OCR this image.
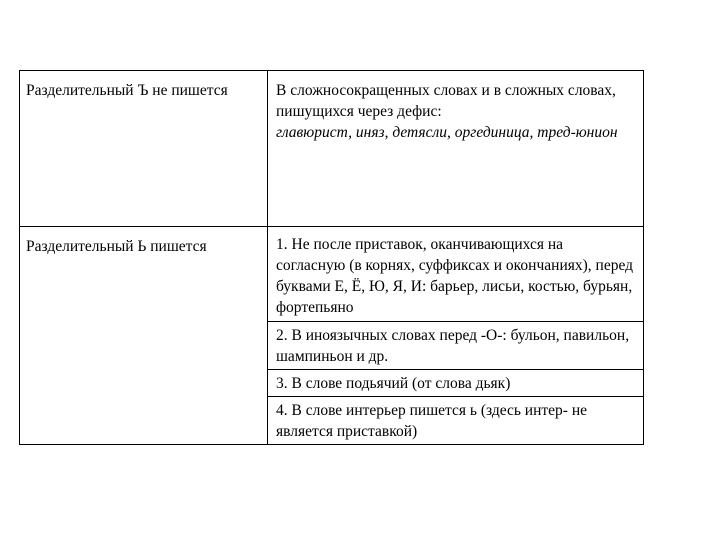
Разделительный Ъ не пишется	В сложносокращенных словах и в сложных словах, пишущихся через дефис:
главюрист, иняз, детясли, оргединица, тред-юнион
Разделительный Ь пишется	1. Не после приставок, оканчивающихся на согласную (в корнях, суффиксах и окончаниях), перед буквами Е, Ё, Ю, Я, И: барьер, лисьи, костью, бурьян, фортепьяно
2. В иноязычных словах перед -О-: бульон, павильон, шампиньон и др.
3. В слове подьячий (от слова дьяк)
4. В слове интерьер пишется ь (здесь интер- не является приставкой)
